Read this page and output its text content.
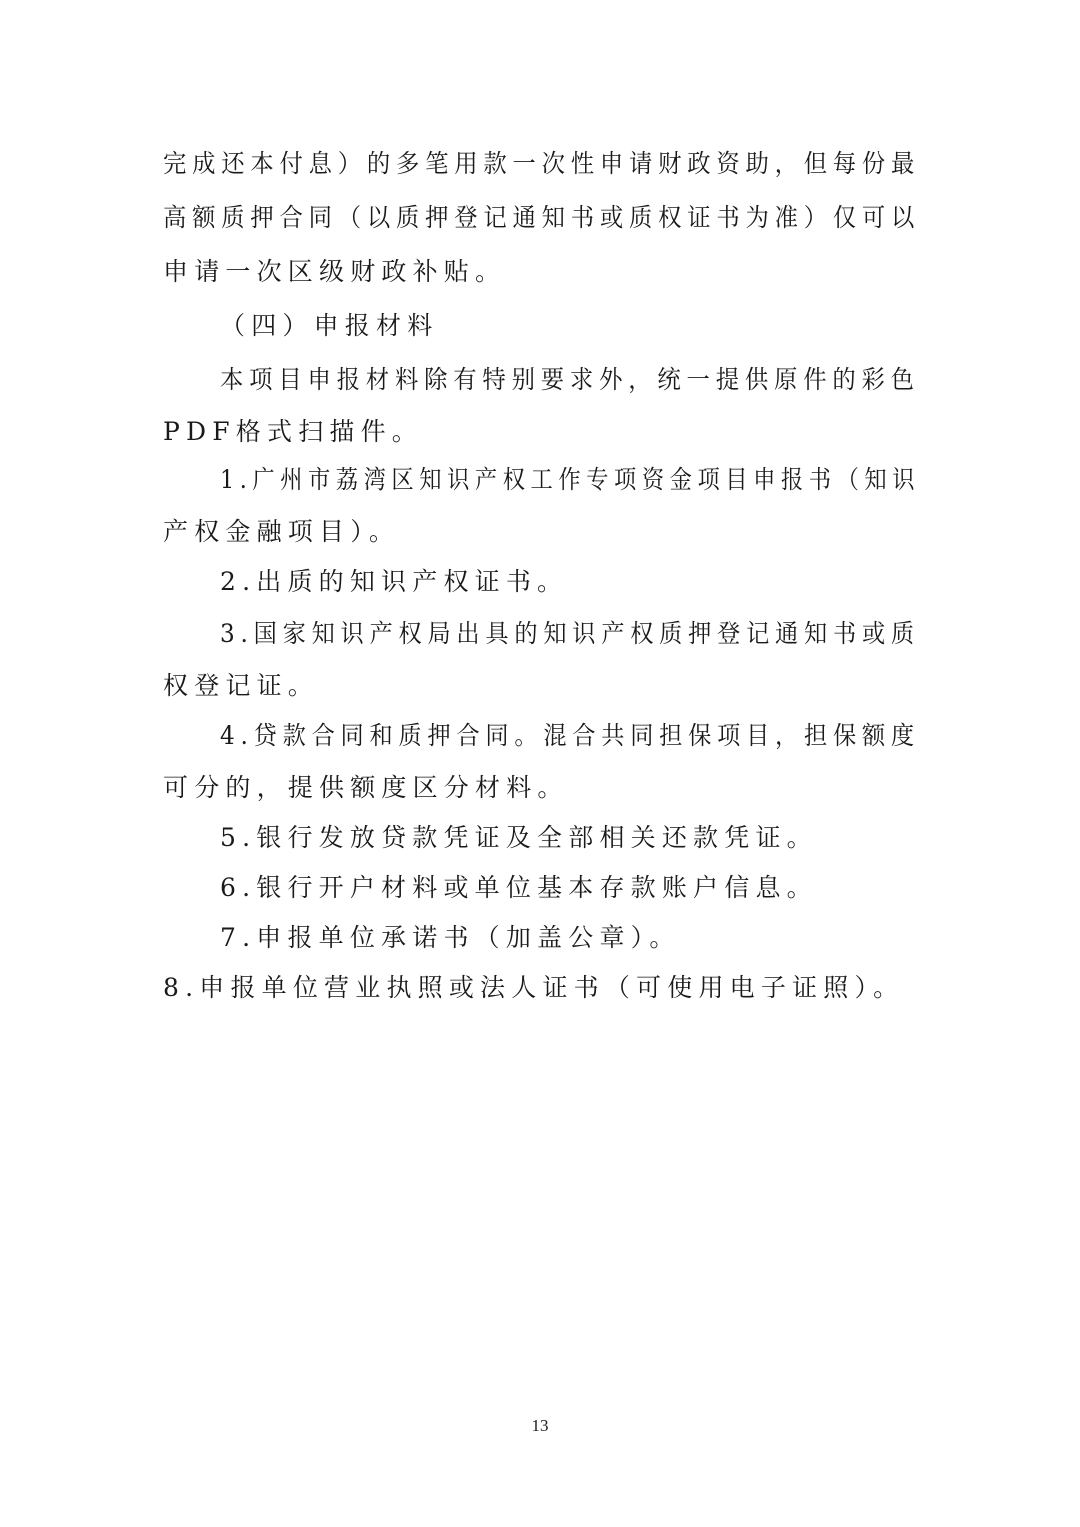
完成还本付息）的多笔用款一次性申请财政资助，但每份最
高额质押合同（以质押登记通知书或质权证书为准）仅可以
申请一次区级财政补贴。
（四）申报材料
本项目申报材料除有特别要求外，统一提供原件的彩色
PDF格式扫描件。
1.广州市荔湾区知识产权工作专项资金项目申报书（知识
产权金融项目）。
2.出质的知识产权证书。
3.国家知识产权局出具的知识产权质押登记通知书或质
权登记证。
4.贷款合同和质押合同。混合共同担保项目，担保额度
可分的，提供额度区分材料。
5.银行发放贷款凭证及全部相关还款凭证。
6.银行开户材料或单位基本存款账户信息。
7.申报单位承诺书（加盖公章）。
8.申报单位营业执照或法人证书（可使用电子证照）。
13
